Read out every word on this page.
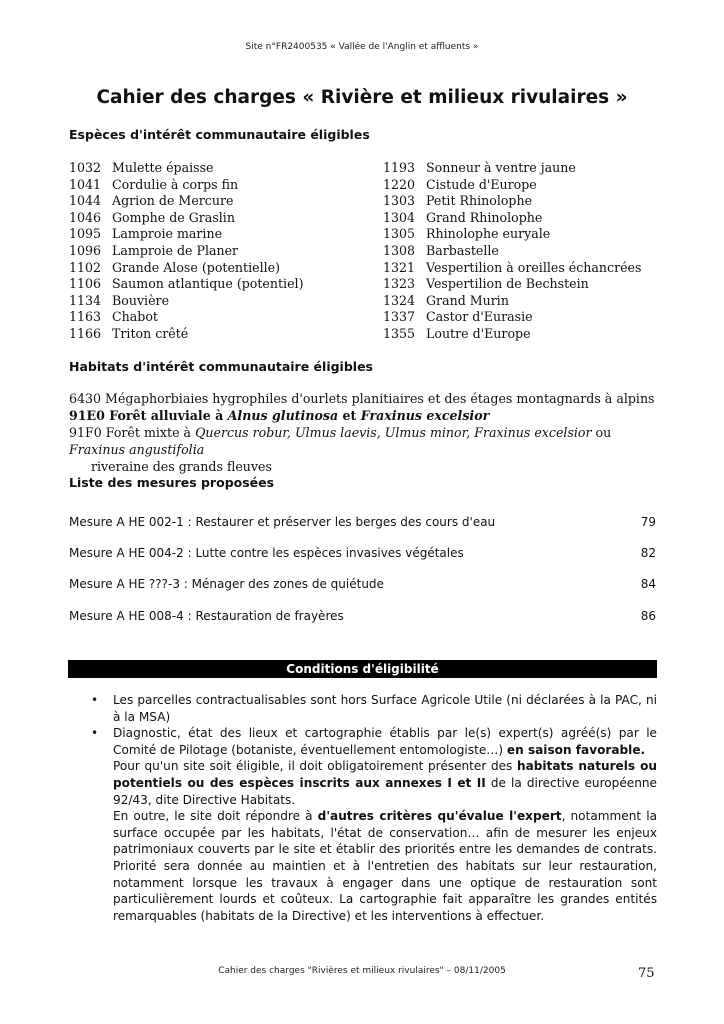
Site n°FR2400535 « Vallée de l'Anglin et affluents »
Cahier des charges « Rivière et milieux rivulaires »
Espèces d'intérêt communautaire éligibles
1032 Mulette épaisse
1041 Cordulie à corps fin
1044 Agrion de Mercure
1046 Gomphe de Graslin
1095 Lamproie marine
1096 Lamproie de Planer
1102 Grande Alose (potentielle)
1106 Saumon atlantique (potentiel)
1134 Bouvière
1163 Chabot
1166 Triton crêté
1193 Sonneur à ventre jaune
1220 Cistude d'Europe
1303 Petit Rhinolophe
1304 Grand Rhinolophe
1305 Rhinolophe euryale
1308 Barbastelle
1321 Vespertilion à oreilles échancrées
1323 Vespertilion de Bechstein
1324 Grand Murin
1337 Castor d'Eurasie
1355 Loutre d'Europe
Habitats d'intérêt communautaire éligibles
6430 Mégaphorbiaies hygrophiles d'ourlets planitiaires et des étages montagnards à alpins
91E0 Forêt alluviale à Alnus glutinosa et Fraxinus excelsior
91F0 Forêt mixte à Quercus robur, Ulmus laevis, Ulmus minor, Fraxinus excelsior ou Fraxinus angustifolia
riveraine des grands fleuves
Liste des mesures proposées
Mesure A HE 002-1 : Restaurer et préserver les berges des cours d'eau	79
Mesure A HE 004-2 : Lutte contre les espèces invasives végétales	82
Mesure A HE ???-3 : Ménager des zones de quiétude	84
Mesure A HE 008-4 : Restauration de frayères	86
Conditions d'éligibilité
• Les parcelles contractualisables sont hors Surface Agricole Utile (ni déclarées à la PAC, ni à la MSA)
• Diagnostic, état des lieux et cartographie établis par le(s) expert(s) agréé(s) par le Comité de Pilotage (botaniste, éventuellement entomologiste…) en saison favorable.
Pour qu'un site soit éligible, il doit obligatoirement présenter des habitats naturels ou potentiels ou des espèces inscrits aux annexes I et II de la directive européenne 92/43, dite Directive Habitats.
En outre, le site doit répondre à d'autres critères qu'évalue l'expert, notamment la surface occupée par les habitats, l'état de conservation… afin de mesurer les enjeux patrimoniaux couverts par le site et établir des priorités entre les demandes de contrats. Priorité sera donnée au maintien et à l'entretien des habitats sur leur restauration, notamment lorsque les travaux à engager dans une optique de restauration sont particulièrement lourds et coûteux. La cartographie fait apparaître les grandes entités remarquables (habitats de la Directive) et les interventions à effectuer.
Cahier des charges "Rivières et milieux rivulaires" – 08/11/2005	75
